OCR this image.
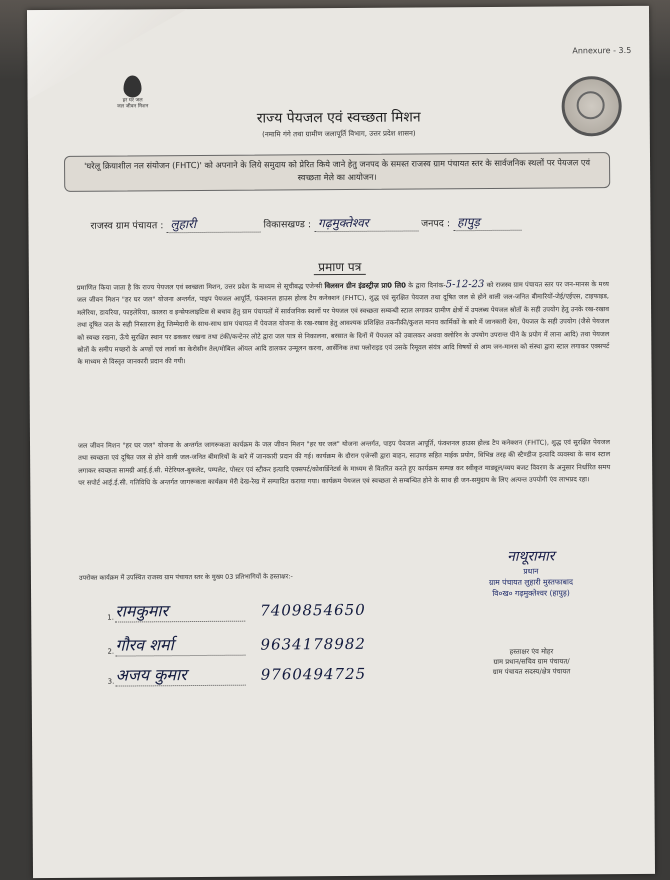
Annexure - 3.5
हर घर जल
जल जीवन मिशन
राज्य पेयजल एवं स्वच्छता मिशन
(नमामि गंगे तथा ग्रामीण जलापूर्ति विभाग, उत्तर प्रदेश शासन)
'घरेलू क्रियाशील नल संयोजन (FHTC)' को अपनाने के लिये समुदाय को प्रेरित किये जाने हेतु जनपद के समस्त राजस्व ग्राम पंचायत स्तर के सार्वजनिक स्थलों पर पेयजल एवं स्वच्छता मेले का आयोजन।
राजस्व ग्राम पंचायत : लुहारी	विकासखण्ड : गढ़मुक्तेश्वर	जनपद : हापुड़
प्रमाण पत्र
प्रमाणित किया जाता है कि राज्य पेयजल एवं स्वच्छता मिशन, उत्तर प्रदेश के माध्यम से सूचीबद्ध एजेन्सी विलसन ग्रीन इंडस्ट्रीज़ प्रा0 लि0 के द्वारा दिनांक-5-12-23 को राजस्व ग्राम पंचायत स्तर पर जन-मानस के मध्य जल जीवन मिशन "हर घर जल" योजना अन्तर्गत, पाइप पेयजल आपूर्ति, फंक्शनल हाउस होल्ड टैप कनेक्शन (FHTC), शुद्ध एवं सुरक्षित पेयजल तथा दूषित जल से होने वाली जल-जनित बीमारियों-जेई/एईएस, टाइफाइड, मलेरिया, डायरिया, फाइलेरिया, कालरा व इन्सेफलाइटिस से बचाव हेतु ग्राम पंचायतों में सार्वजनिक स्थलों पर पेयजल एवं स्वच्छता सम्बन्धी स्टाल लगाकर ग्रामीण क्षेत्रों में उपलब्ध पेयजल स्रोतों के सही उपयोग हेतु उनके रख-रखाव तथा दूषित जल के सही निस्तारण हेतु जिम्मेदारी के साथ-साथ ग्राम पंचायत में पेयजल योजना के रख-रखाव हेतु आवश्यक प्रशिक्षित तकनीकी/कुशल मानव कार्मिकों के बारे में जानकारी देना, पेयजल के सही उपयोग (जैसे पेयजल को स्वच्छ रखना, ऊँचे सुरक्षित स्थान पर ढककर रखना तथा टंकी/कन्टेनर लोटे द्वारा जल पात्र से निकालना, बरसात के दिनों में पेयजल को उबालकर अथवा क्लोरिन के उपयोग उपरान्त पीने के प्रयोग में लाना आदि) तथा पेयजल स्रोतों के समीप मच्छरों के अण्डों एवं लार्वा का केरोसीन तेल/मोबिल ऑयल आदि डालकर उन्मूलन करना, आर्सेनिक तथा फ्लोराइड एवं उसके रिमूवल संयंत्र आदि विषयों से आम जन-मानस को संस्था द्वारा स्टाल लगाकर एक्सपर्ट के माध्यम से विस्तृत जानकारी प्रदान की गयी।
जल जीवन मिशन "हर घर जल" योजना के अन्तर्गत जागरूकता कार्यक्रम के जल जीवन मिशन "हर घर जल" योजना अन्तर्गत, पाइप पेयजल आपूर्ति, फंक्शनल हाउस होल्ड टैप कनेक्शन (FHTC), शुद्ध एवं सुरक्षित पेयजल तथा स्वच्छता एवं दूषित जल से होने वाली जल-जनित बीमारियों के बारे में जानकारी प्रदान की गई। कार्यक्रम के दौरान एजेन्सी द्वारा बाहन, साउण्ड सहित माईक प्रयोग, विभिन्न तरह की स्टैण्डीज इत्यादि व्यवस्था के साथ स्टाल लगाकर स्वच्छता सामग्री आई.ई.सी. मेटेरियल-बुकलेट, पम्पलेट, पोस्टर एवं स्टीकर इत्यादि एक्सपर्ट/कोवार्डिनेटर्स के माध्यम से वितरित करते हुए कार्यक्रम सम्पन्न कर स्वीकृत माड्यूल/व्यय बजट विवरण के अनुसार निर्धारित समय पर सपोर्ट आई.ई.सी. गतिविधि के अन्तर्गत जागरूकता कार्यक्रम मेरी देख-रेख में सम्पादित कराया गया। कार्यक्रम पेयजल एवं स्वच्छता से सम्बन्धित होने के साथ ही जन-समुदाय के लिए अत्यन्त उपयोगी एंव लाभप्रद रहा।
उपरोक्त कार्यक्रम में उपस्थित राजस्व ग्राम पंचायत स्तर के मुख्य 03 प्रतिभागियों के हस्ताक्षर:-
नाथूरामार
प्रधान
ग्राम पंचायत लुहारी मुस्तफाबाद
वि०ख० गढ़मुक्तेश्वर (हापुड़)
1. रामकुमार	7409854650
2. गौरव शर्मा	9634178982
3. अजय कुमार	9760494725
हस्ताक्षर एंव मोहर
ग्राम प्रधान/सचिव ग्राम पंचायत/
ग्राम पंचायत सदस्य/क्षेत्र पंचायत
